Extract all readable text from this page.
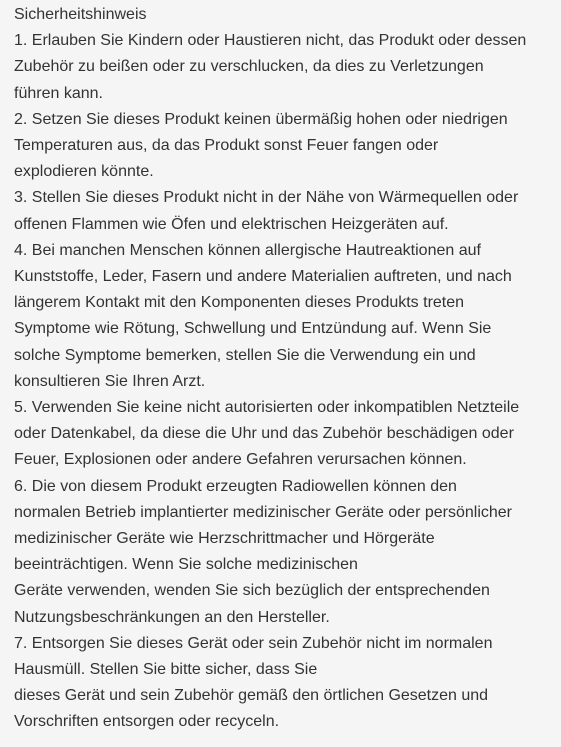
Sicherheitshinweis
1. Erlauben Sie Kindern oder Haustieren nicht, das Produkt oder dessen
Zubehör zu beißen oder zu verschlucken, da dies zu Verletzungen
führen kann.
2. Setzen Sie dieses Produkt keinen übermäßig hohen oder niedrigen
Temperaturen aus, da das Produkt sonst Feuer fangen oder
explodieren könnte.
3. Stellen Sie dieses Produkt nicht in der Nähe von Wärmequellen oder
offenen Flammen wie Öfen und elektrischen Heizgeräten auf.
4. Bei manchen Menschen können allergische Hautreaktionen auf
Kunststoffe, Leder, Fasern und andere Materialien auftreten, und nach
längerem Kontakt mit den Komponenten dieses Produkts treten
Symptome wie Rötung, Schwellung und Entzündung auf. Wenn Sie
solche Symptome bemerken, stellen Sie die Verwendung ein und
konsultieren Sie Ihren Arzt.
5. Verwenden Sie keine nicht autorisierten oder inkompatiblen Netzteile
oder Datenkabel, da diese die Uhr und das Zubehör beschädigen oder
Feuer, Explosionen oder andere Gefahren verursachen können.
6. Die von diesem Produkt erzeugten Radiowellen können den
normalen Betrieb implantierter medizinischer Geräte oder persönlicher
medizinischer Geräte wie Herzschrittmacher und Hörgeräte
beeinträchtigen. Wenn Sie solche medizinischen
Geräte verwenden, wenden Sie sich bezüglich der entsprechenden
Nutzungsbeschränkungen an den Hersteller.
7. Entsorgen Sie dieses Gerät oder sein Zubehör nicht im normalen
Hausmüll. Stellen Sie bitte sicher, dass Sie
dieses Gerät und sein Zubehör gemäß den örtlichen Gesetzen und
Vorschriften entsorgen oder recyceln.
